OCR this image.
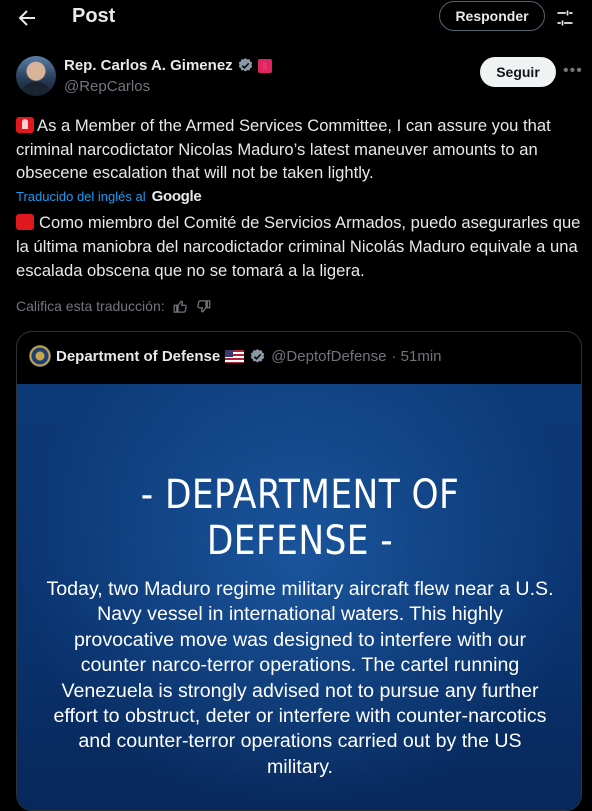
Post	Responder
Rep. Carlos A. Gimenez
@RepCarlos
Seguir	•••
As a Member of the Armed Services Committee, I can assure you that criminal narcodictator Nicolas Maduro’s latest maneuver amounts to an obsecene escalation that will not be taken lightly.
Traducido del inglés al Google
Como miembro del Comité de Servicios Armados, puedo asegurarles que la última maniobra del narcodictador criminal Nicolás Maduro equivale a una escalada obscena que no se tomará a la ligera.
Califica esta traducción:
Department of Defense	@DeptofDefense · 51min
- DEPARTMENT OF DEFENSE -
Today, two Maduro regime military aircraft flew near a U.S. Navy vessel in international waters. This highly provocative move was designed to interfere with our counter narco-terror operations. The cartel running Venezuela is strongly advised not to pursue any further effort to obstruct, deter or interfere with counter-narcotics and counter-terror operations carried out by the US military.
